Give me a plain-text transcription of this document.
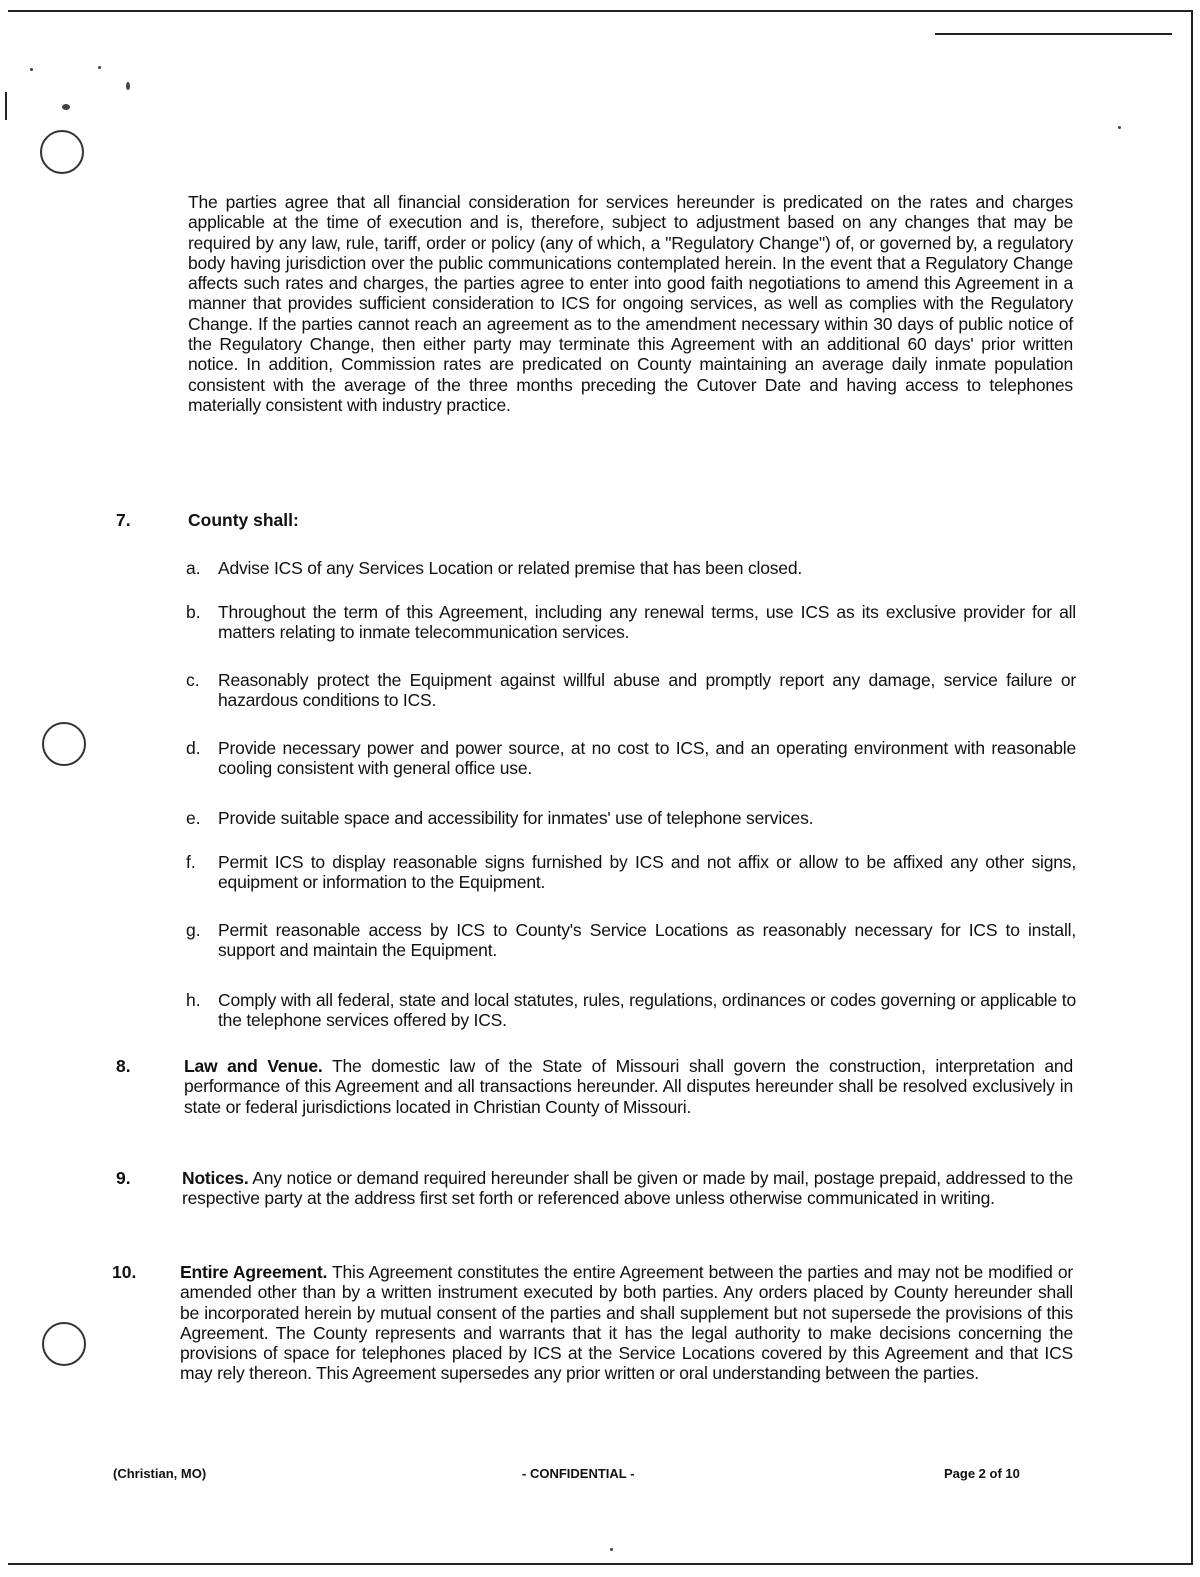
The parties agree that all financial consideration for services hereunder is predicated on the rates and charges applicable at the time of execution and is, therefore, subject to adjustment based on any changes that may be required by any law, rule, tariff, order or policy (any of which, a "Regulatory Change") of, or governed by, a regulatory body having jurisdiction over the public communications contemplated herein. In the event that a Regulatory Change affects such rates and charges, the parties agree to enter into good faith negotiations to amend this Agreement in a manner that provides sufficient consideration to ICS for ongoing services, as well as complies with the Regulatory Change. If the parties cannot reach an agreement as to the amendment necessary within 30 days of public notice of the Regulatory Change, then either party may terminate this Agreement with an additional 60 days' prior written notice. In addition, Commission rates are predicated on County maintaining an average daily inmate population consistent with the average of the three months preceding the Cutover Date and having access to telephones materially consistent with industry practice.
7.	County shall:
a. Advise ICS of any Services Location or related premise that has been closed.
b. Throughout the term of this Agreement, including any renewal terms, use ICS as its exclusive provider for all matters relating to inmate telecommunication services.
c. Reasonably protect the Equipment against willful abuse and promptly report any damage, service failure or hazardous conditions to ICS.
d. Provide necessary power and power source, at no cost to ICS, and an operating environment with reasonable cooling consistent with general office use.
e. Provide suitable space and accessibility for inmates' use of telephone services.
f. Permit ICS to display reasonable signs furnished by ICS and not affix or allow to be affixed any other signs, equipment or information to the Equipment.
g. Permit reasonable access by ICS to County's Service Locations as reasonably necessary for ICS to install, support and maintain the Equipment.
h. Comply with all federal, state and local statutes, rules, regulations, ordinances or codes governing or applicable to the telephone services offered by ICS.
8.	Law and Venue. The domestic law of the State of Missouri shall govern the construction, interpretation and performance of this Agreement and all transactions hereunder. All disputes hereunder shall be resolved exclusively in state or federal jurisdictions located in Christian County of Missouri.
9.	Notices. Any notice or demand required hereunder shall be given or made by mail, postage prepaid, addressed to the respective party at the address first set forth or referenced above unless otherwise communicated in writing.
10. Entire Agreement. This Agreement constitutes the entire Agreement between the parties and may not be modified or amended other than by a written instrument executed by both parties. Any orders placed by County hereunder shall be incorporated herein by mutual consent of the parties and shall supplement but not supersede the provisions of this Agreement. The County represents and warrants that it has the legal authority to make decisions concerning the provisions of space for telephones placed by ICS at the Service Locations covered by this Agreement and that ICS may rely thereon. This Agreement supersedes any prior written or oral understanding between the parties.
(Christian, MO)	- CONFIDENTIAL -	Page 2 of 10
